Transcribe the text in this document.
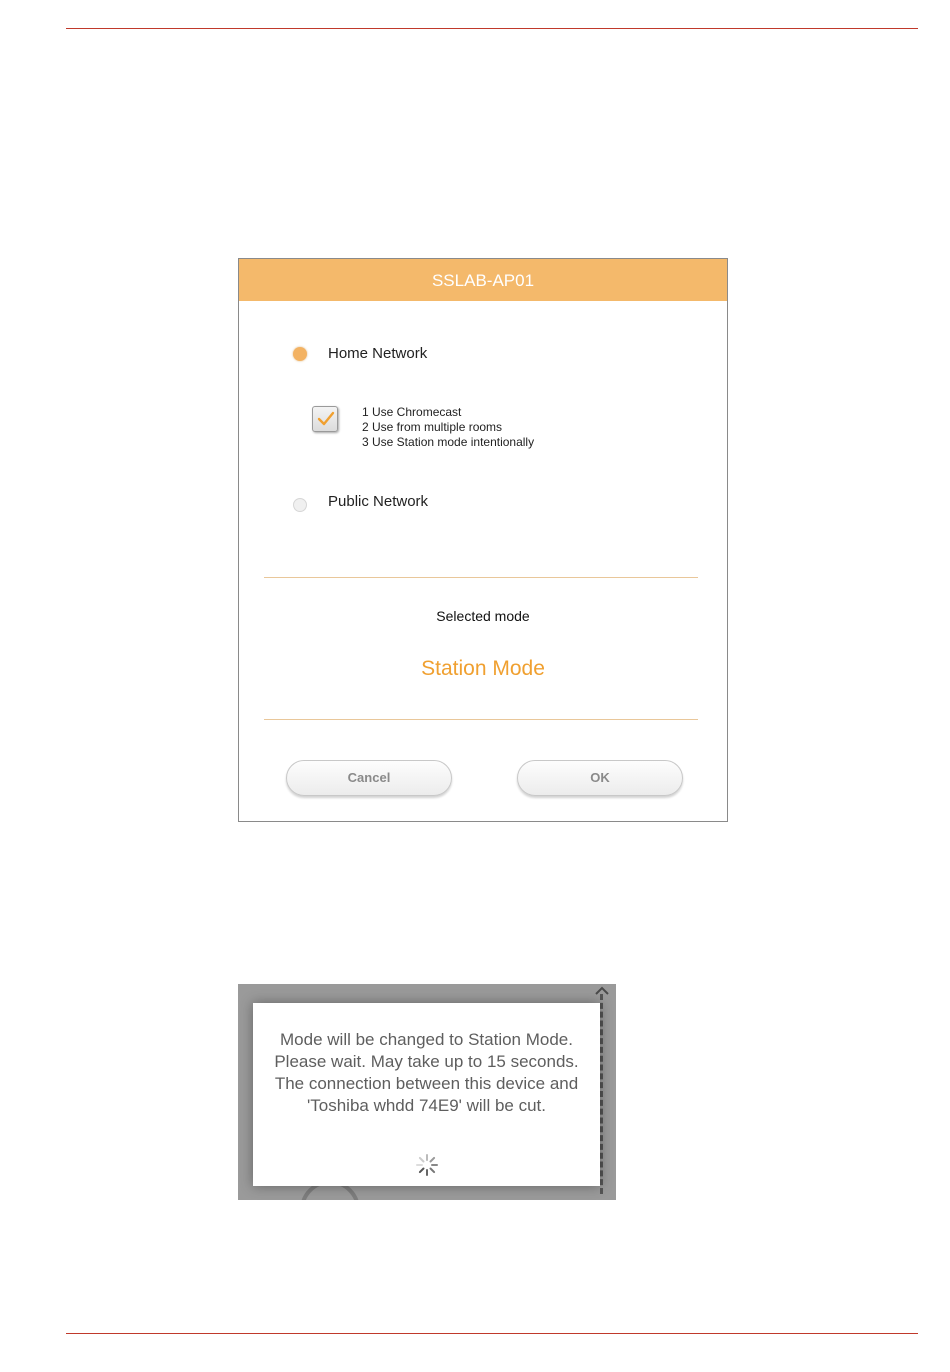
SSLAB-AP01
Home Network
1 Use Chromecast
2 Use from multiple rooms
3 Use Station mode intentionally
Public Network
Selected mode
Station Mode
Cancel	OK
Mode will be changed to Station Mode. Please wait. May take up to 15 seconds. The connection between this device and 'Toshiba whdd 74E9' will be cut.
